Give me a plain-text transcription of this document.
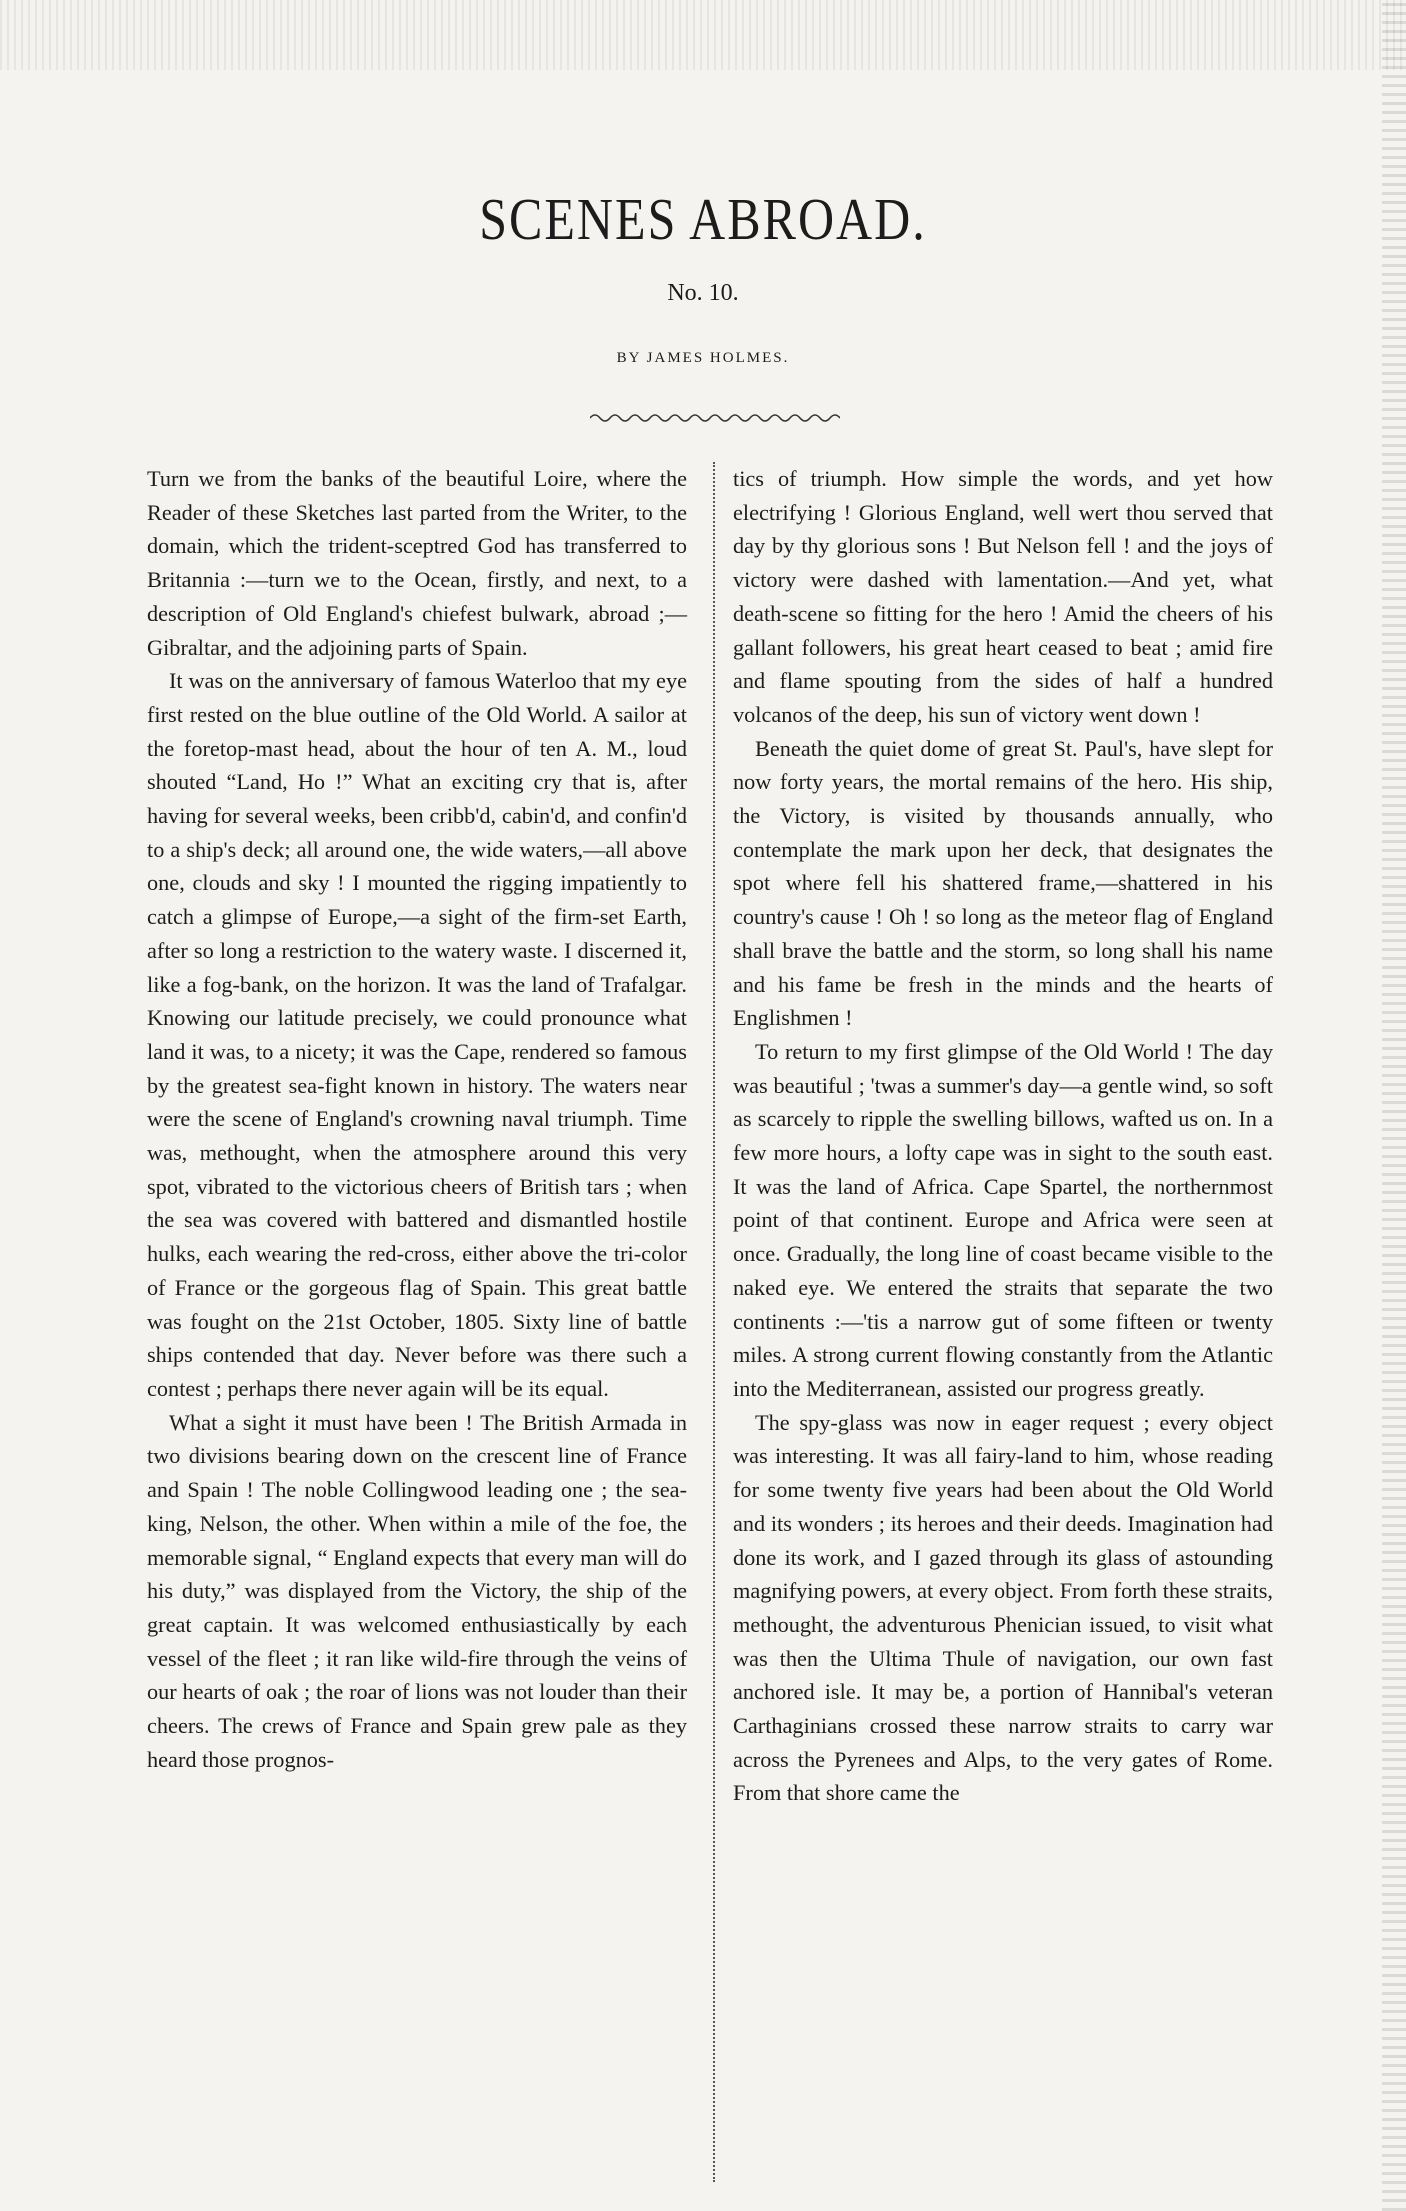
SCENES ABROAD.
No. 10.
BY JAMES HOLMES.

Turn we from the banks of the beautiful Loire, where the Reader of these Sketches last parted from the Writer, to the domain, which the trident-sceptred God has transferred to Britannia :—turn we to the Ocean, firstly, and next, to a description of Old England's chiefest bulwark, abroad ;—Gibraltar, and the adjoining parts of Spain.

It was on the anniversary of famous Waterloo that my eye first rested on the blue outline of the Old World. A sailor at the foretop-mast head, about the hour of ten A. M., loud shouted “Land, Ho !” What an exciting cry that is, after having for several weeks, been cribb'd, cabin'd, and confin'd to a ship's deck; all around one, the wide waters,—all above one, clouds and sky ! I mounted the rigging impatiently to catch a glimpse of Europe,—a sight of the firm-set Earth, after so long a restriction to the watery waste. I discerned it, like a fog-bank, on the horizon. It was the land of Trafalgar. Knowing our latitude precisely, we could pronounce what land it was, to a nicety; it was the Cape, rendered so famous by the greatest sea-fight known in history. The waters near were the scene of England's crowning naval triumph. Time was, methought, when the atmosphere around this very spot, vibrated to the victorious cheers of British tars ; when the sea was covered with battered and dismantled hostile hulks, each wearing the red-cross, either above the tri-color of France or the gorgeous flag of Spain. This great battle was fought on the 21st October, 1805. Sixty line of battle ships contended that day. Never before was there such a contest ; perhaps there never again will be its equal.

What a sight it must have been ! The British Armada in two divisions bearing down on the crescent line of France and Spain ! The noble Collingwood leading one ; the sea-king, Nelson, the other. When within a mile of the foe, the memorable signal, “ England expects that every man will do his duty,” was displayed from the Victory, the ship of the great captain. It was welcomed enthusiastically by each vessel of the fleet ; it ran like wild-fire through the veins of our hearts of oak ; the roar of lions was not louder than their cheers. The crews of France and Spain grew pale as they heard those prognos-

tics of triumph. How simple the words, and yet how electrifying ! Glorious England, well wert thou served that day by thy glorious sons ! But Nelson fell ! and the joys of victory were dashed with lamentation.—And yet, what death-scene so fitting for the hero ! Amid the cheers of his gallant followers, his great heart ceased to beat ; amid fire and flame spouting from the sides of half a hundred volcanos of the deep, his sun of victory went down !

Beneath the quiet dome of great St. Paul's, have slept for now forty years, the mortal remains of the hero. His ship, the Victory, is visited by thousands annually, who contemplate the mark upon her deck, that designates the spot where fell his shattered frame,—shattered in his country's cause ! Oh ! so long as the meteor flag of England shall brave the battle and the storm, so long shall his name and his fame be fresh in the minds and the hearts of Englishmen !

To return to my first glimpse of the Old World ! The day was beautiful ; 'twas a summer's day—a gentle wind, so soft as scarcely to ripple the swelling billows, wafted us on. In a few more hours, a lofty cape was in sight to the south east. It was the land of Africa. Cape Spartel, the northernmost point of that continent. Europe and Africa were seen at once. Gradually, the long line of coast became visible to the naked eye. We entered the straits that separate the two continents :—'tis a narrow gut of some fifteen or twenty miles. A strong current flowing constantly from the Atlantic into the Mediterranean, assisted our progress greatly.

The spy-glass was now in eager request ; every object was interesting. It was all fairy-land to him, whose reading for some twenty five years had been about the Old World and its wonders ; its heroes and their deeds. Imagination had done its work, and I gazed through its glass of astounding magnifying powers, at every object. From forth these straits, methought, the adventurous Phenician issued, to visit what was then the Ultima Thule of navigation, our own fast anchored isle. It may be, a portion of Hannibal's veteran Carthaginians crossed these narrow straits to carry war across the Pyrenees and Alps, to the very gates of Rome. From that shore came the
